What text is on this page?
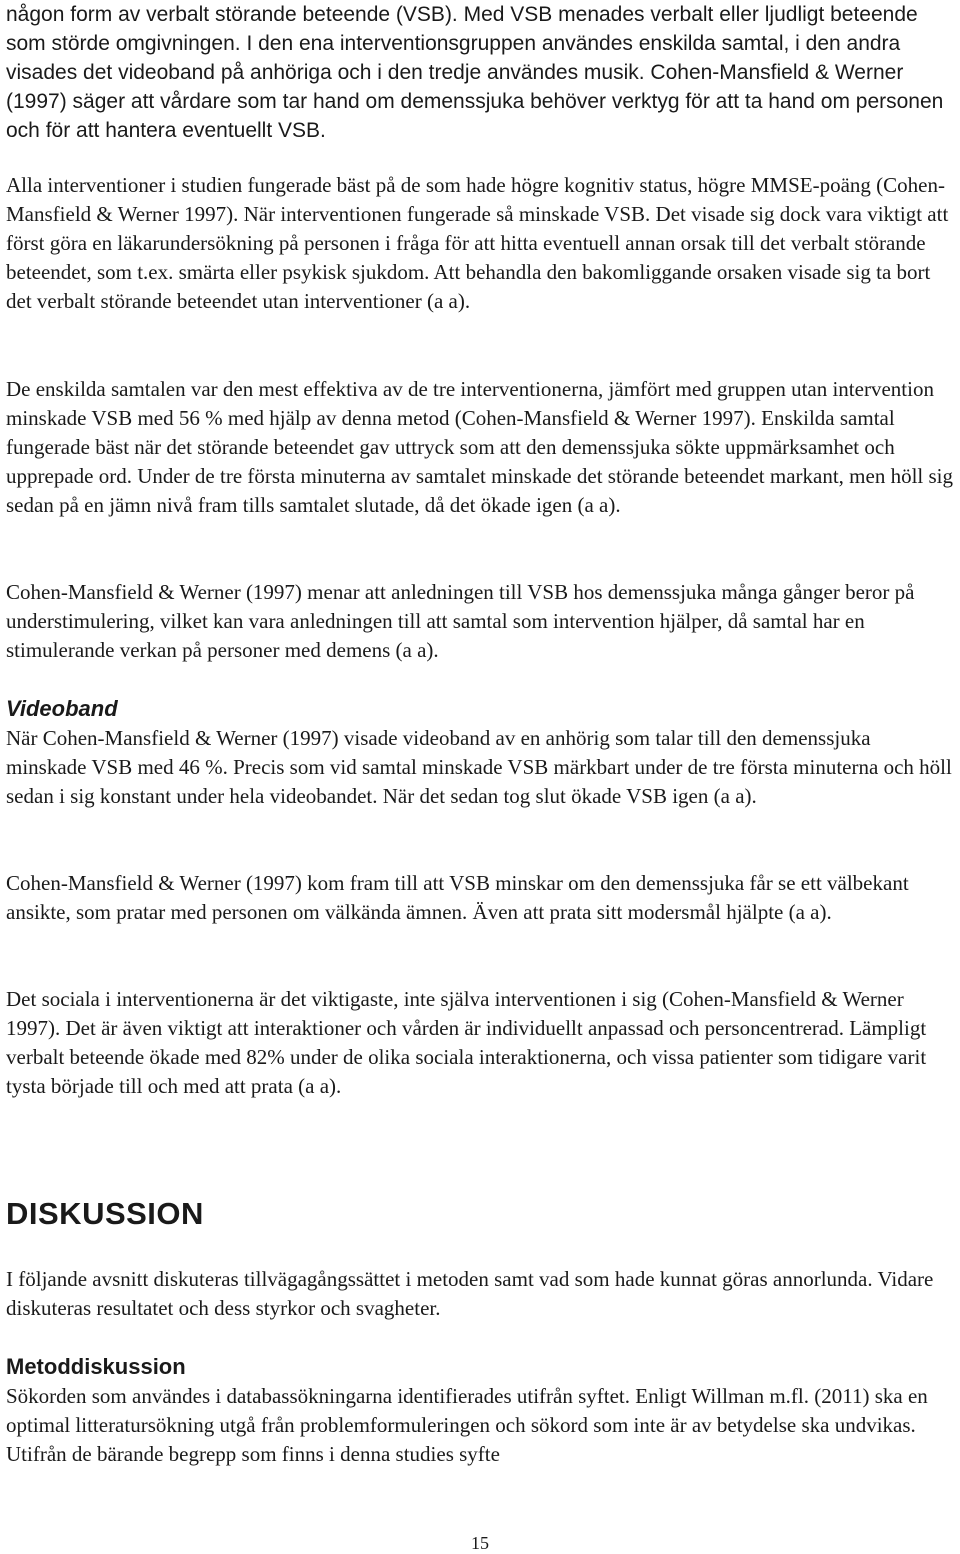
någon form av verbalt störande beteende (VSB). Med VSB menades verbalt eller ljudligt beteende som störde omgivningen. I den ena interventionsgruppen användes enskilda samtal, i den andra visades det videoband på anhöriga och i den tredje användes musik. Cohen-Mansfield & Werner (1997) säger att vårdare som tar hand om demenssjuka behöver verktyg för att ta hand om personen och för att hantera eventuellt VSB.

Alla interventioner i studien fungerade bäst på de som hade högre kognitiv status, högre MMSE-poäng (Cohen-Mansfield & Werner 1997). När interventionen fungerade så minskade VSB. Det visade sig dock vara viktigt att först göra en läkarundersökning på personen i fråga för att hitta eventuell annan orsak till det verbalt störande beteendet, som t.ex. smärta eller psykisk sjukdom. Att behandla den bakomliggande orsaken visade sig ta bort det verbalt störande beteendet utan interventioner (a a).

De enskilda samtalen var den mest effektiva av de tre interventionerna, jämfört med gruppen utan intervention minskade VSB med 56 % med hjälp av denna metod (Cohen-Mansfield & Werner 1997). Enskilda samtal fungerade bäst när det störande beteendet gav uttryck som att den demenssjuka sökte uppmärksamhet och upprepade ord. Under de tre första minuterna av samtalet minskade det störande beteendet markant, men höll sig sedan på en jämn nivå fram tills samtalet slutade, då det ökade igen (a a).

Cohen-Mansfield & Werner (1997) menar att anledningen till VSB hos demenssjuka många gånger beror på understimulering, vilket kan vara anledningen till att samtal som intervention hjälper, då samtal har en stimulerande verkan på personer med demens (a a).

Videoband

När Cohen-Mansfield & Werner (1997) visade videoband av en anhörig som talar till den demenssjuka minskade VSB med 46 %. Precis som vid samtal minskade VSB märkbart under de tre första minuterna och höll sedan i sig konstant under hela videobandet. När det sedan tog slut ökade VSB igen (a a).

Cohen-Mansfield & Werner (1997) kom fram till att VSB minskar om den demenssjuka får se ett välbekant ansikte, som pratar med personen om välkända ämnen. Även att prata sitt modersmål hjälpte (a a).

Det sociala i interventionerna är det viktigaste, inte själva interventionen i sig (Cohen-Mansfield & Werner 1997). Det är även viktigt att interaktioner och vården är individuellt anpassad och personcentrerad. Lämpligt verbalt beteende ökade med 82% under de olika sociala interaktionerna, och vissa patienter som tidigare varit tysta började till och med att prata (a a).

DISKUSSION

I följande avsnitt diskuteras tillvägagångssättet i metoden samt vad som hade kunnat göras annorlunda. Vidare diskuteras resultatet och dess styrkor och svagheter.

Metoddiskussion

Sökorden som användes i databassökningarna identifierades utifrån syftet. Enligt Willman m.fl. (2011) ska en optimal litteratursökning utgå från problemformuleringen och sökord som inte är av betydelse ska undvikas. Utifrån de bärande begrepp som finns i denna studies syfte

15
